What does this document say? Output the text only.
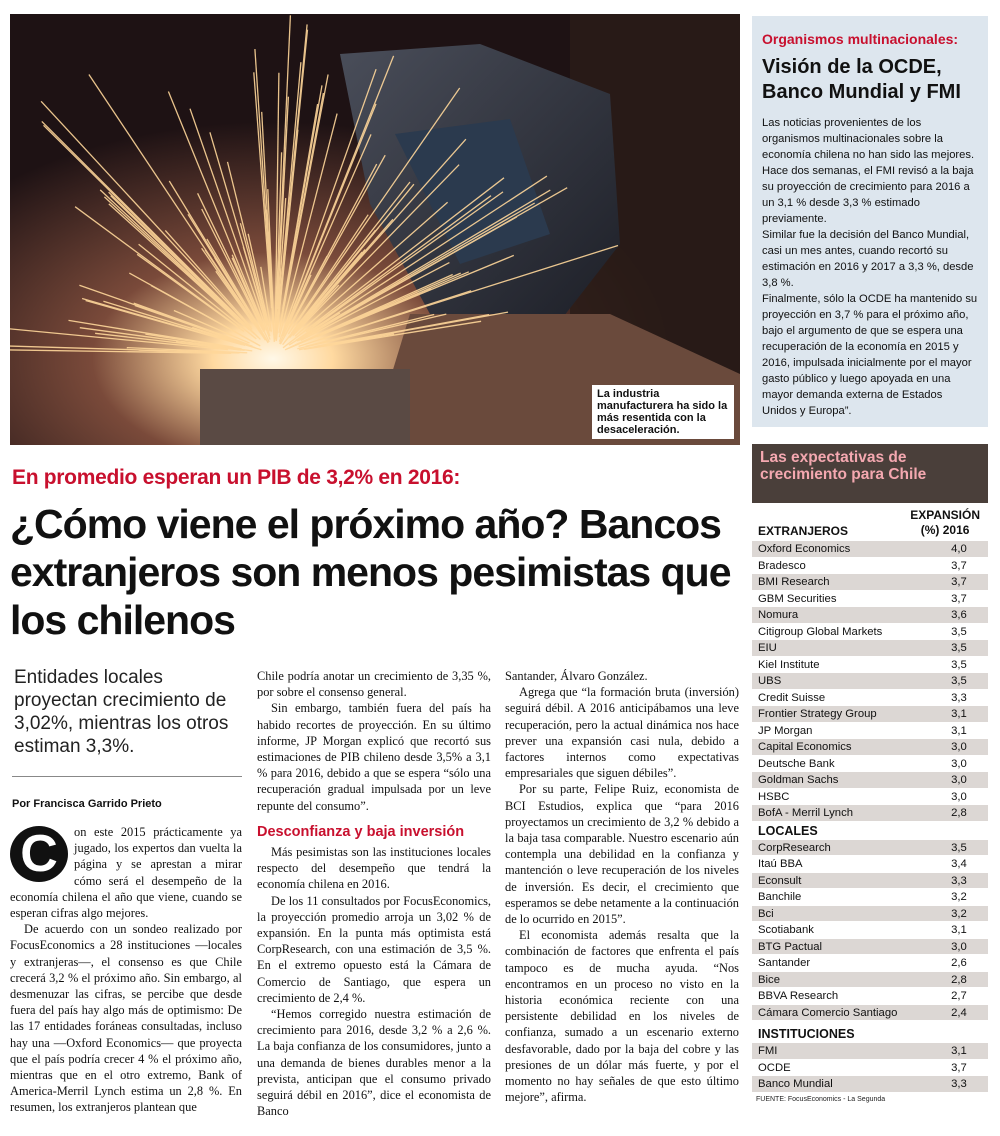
La industria manufacturera ha sido la más resentida con la desaceleración.
En promedio esperan un PIB de 3,2% en 2016:
¿Cómo viene el próximo año? Bancos extranjeros son menos pesimistas que los chilenos
Entidades locales proyectan crecimiento de 3,02%, mientras los otros estiman 3,3%.
Por Francisca Garrido Prieto
C	on este 2015 prácticamente ya jugado, los expertos dan vuelta la página y se aprestan a mirar cómo será el desempeño de la economía chilena el año que viene, cuando se esperan cifras algo mejores.

De acuerdo con un sondeo realizado por FocusEconomics a 28 instituciones —locales y extranjeras—, el consenso es que Chile crecerá 3,2 % el próximo año. Sin embargo, al desmenuzar las cifras, se percibe que desde fuera del país hay algo más de optimismo: De las 17 entidades foráneas consultadas, incluso hay una —Oxford Economics— que proyecta que el país podría crecer 4 % el próximo año, mientras que en el otro extremo, Bank of America-Merril Lynch estima un 2,8 %. En resumen, los extranjeros plantean que

Chile podría anotar un crecimiento de 3,35 %, por sobre el consenso general.

Sin embargo, también fuera del país ha habido recortes de proyección. En su último informe, JP Morgan explicó que recortó sus estimaciones de PIB chileno desde 3,5% a 3,1 % para 2016, debido a que se espera “sólo una recuperación gradual impulsada por un leve repunte del consumo”.

Desconfianza y baja inversión

Más pesimistas son las instituciones locales respecto del desempeño que tendrá la economía chilena en 2016.

De los 11 consultados por FocusEconomics, la proyección promedio arroja un 3,02 % de expansión. En la punta más optimista está CorpResearch, con una estimación de 3,5 %. En el extremo opuesto está la Cámara de Comercio de Santiago, que espera un crecimiento de 2,4 %.

“Hemos corregido nuestra estimación de crecimiento para 2016, desde 3,2 % a 2,6 %. La baja confianza de los consumidores, junto a una demanda de bienes durables menor a la prevista, anticipan que el consumo privado seguirá débil en 2016”, dice el economista de Banco

Santander, Álvaro González.

Agrega que “la formación bruta (inversión) seguirá débil. A 2016 anticipábamos una leve recuperación, pero la actual dinámica nos hace prever una expansión casi nula, debido a factores internos como expectativas empresariales que siguen débiles”.

Por su parte, Felipe Ruiz, economista de BCI Estudios, explica que “para 2016 proyectamos un crecimiento de 3,2 % debido a la baja tasa comparable. Nuestro escenario aún contempla una debilidad en la confianza y mantención o leve recuperación de los niveles de inversión. Es decir, el crecimiento que esperamos se debe netamente a la continuación de lo ocurrido en 2015”.

El economista además resalta que la combinación de factores que enfrenta el país tampoco es de mucha ayuda. “Nos encontramos en un proceso no visto en la historia económica reciente con una persistente debilidad en los niveles de confianza, sumado a un escenario externo desfavorable, dado por la baja del cobre y las presiones de un dólar más fuerte, y por el momento no hay señales de que esto último mejore”, afirma.

Organismos multinacionales:
Visión de la OCDE, Banco Mundial y FMI
Las noticias provenientes de los organismos multinacionales sobre la economía chilena no han sido las mejores. Hace dos semanas, el FMI revisó a la baja su proyección de crecimiento para 2016 a un 3,1 % desde 3,3 % estimado previamente.
Similar fue la decisión del Banco Mundial, casi un mes antes, cuando recortó su estimación en 2016 y 2017 a 3,3 %, desde 3,8 %.
Finalmente, sólo la OCDE ha mantenido su proyección en 3,7 % para el próximo año, bajo el argumento de que se espera una recuperación de la economía en 2015 y 2016, impulsada inicialmente por el mayor gasto público y luego apoyada en una mayor demanda externa de Estados Unidos y Europa”.
Las expectativas de crecimiento para Chile
EXTRANJEROS
EXPANSIÓN
(%) 2016
Oxford Economics	4,0
Bradesco	3,7
BMI Research	3,7
GBM Securities	3,7
Nomura	3,6
Citigroup Global Markets	3,5
EIU	3,5
Kiel Institute	3,5
UBS	3,5
Credit Suisse	3,3
Frontier Strategy Group	3,1
JP Morgan	3,1
Capital Economics	3,0
Deutsche Bank	3,0
Goldman Sachs	3,0
HSBC	3,0
BofA - Merril Lynch	2,8
LOCALES
CorpResearch	3,5
Itaú BBA	3,4
Econsult	3,3
Banchile	3,2
Bci	3,2
Scotiabank	3,1
BTG Pactual	3,0
Santander	2,6
Bice	2,8
BBVA Research	2,7
Cámara Comercio Santiago	2,4
INSTITUCIONES
FMI	3,1
OCDE	3,7
Banco Mundial	3,3
FUENTE: FocusEconomics - La Segunda
